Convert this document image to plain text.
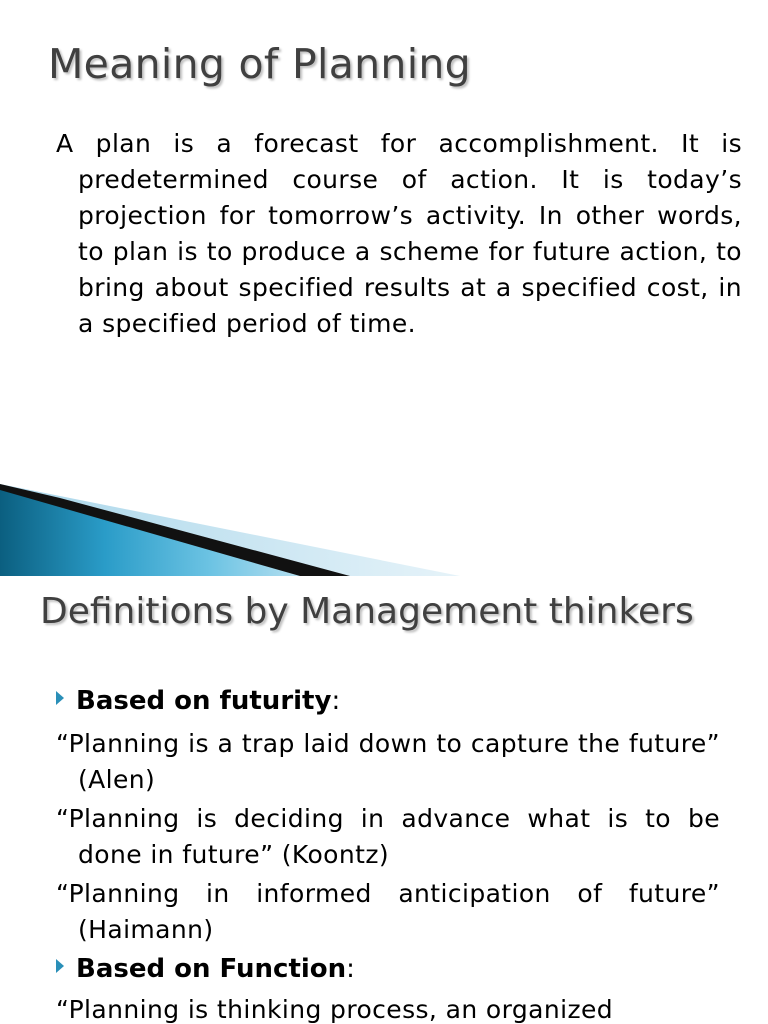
Meaning of Planning
A plan is a forecast for accomplishment. It is predetermined course of action. It is today’s projection for tomorrow’s activity. In other words, to plan is to produce a scheme for future action, to bring about specified results at a specified cost, in a specified period of time.
Definitions by Management thinkers
Based on futurity:
“Planning is a trap laid down to capture the future” (Alen)
“Planning is deciding in advance what is to be done in future” (Koontz)
“Planning in informed anticipation of future” (Haimann)
Based on Function:
“Planning is thinking process, an organized
